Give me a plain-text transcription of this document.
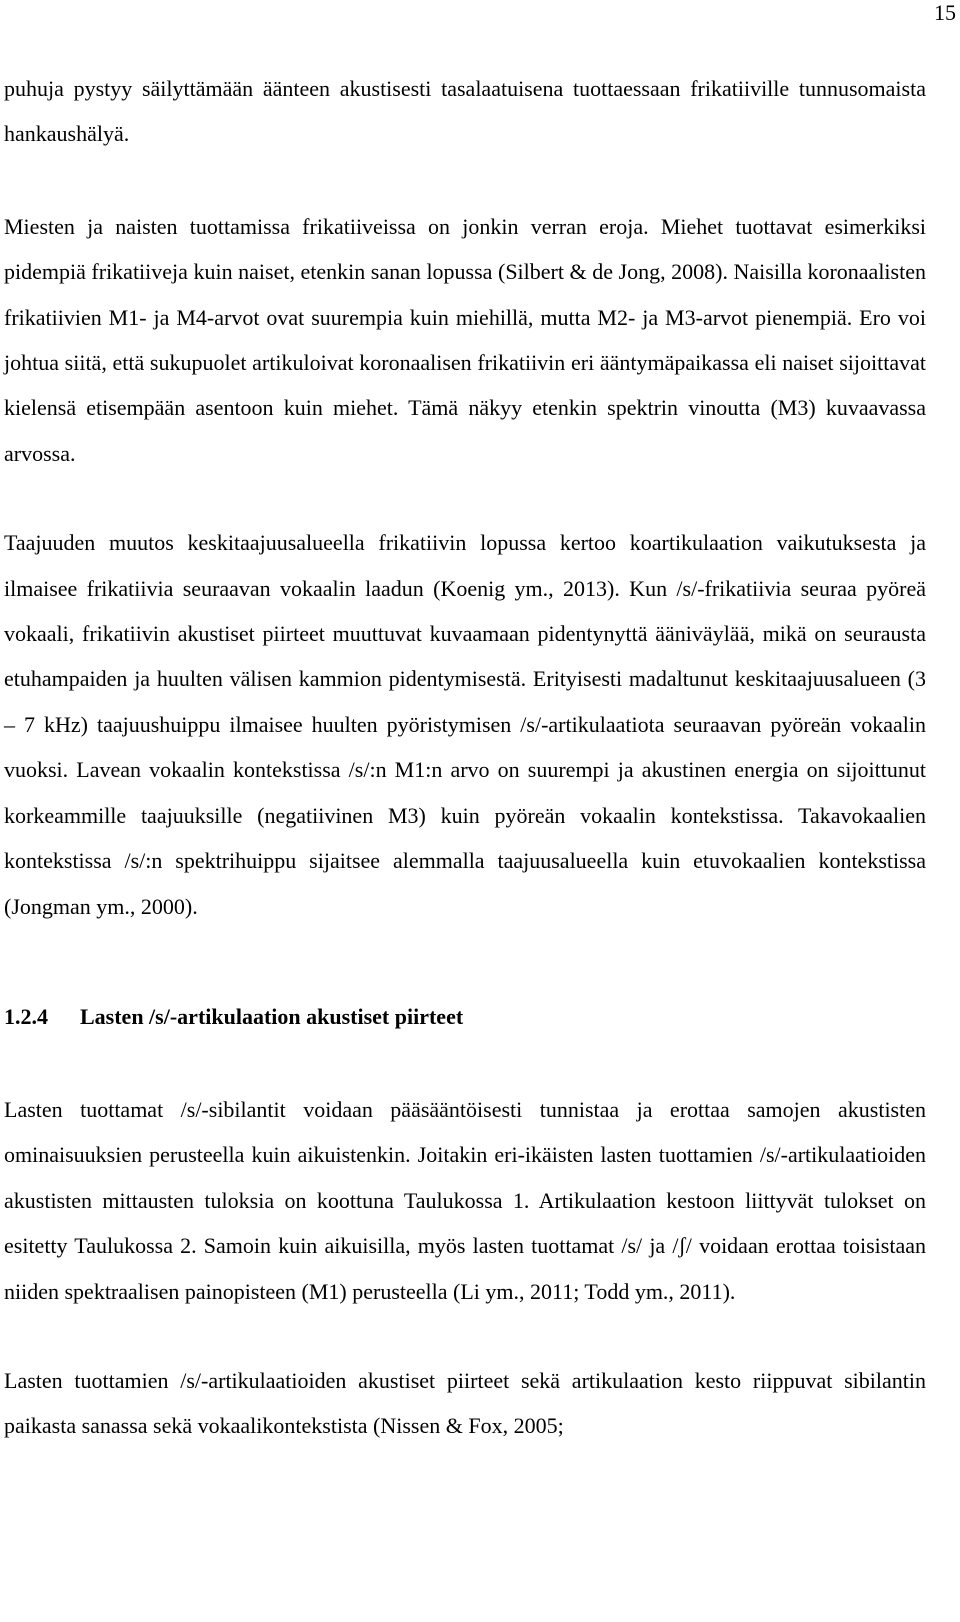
15

puhuja pystyy säilyttämään äänteen akustisesti tasalaatuisena tuottaessaan frikatiiville tunnusomaista hankaushälyä.

Miesten ja naisten tuottamissa frikatiiveissa on jonkin verran eroja. Miehet tuottavat esimerkiksi pidempiä frikatiiveja kuin naiset, etenkin sanan lopussa (Silbert & de Jong, 2008). Naisilla koronaalisten frikatiivien M1- ja M4-arvot ovat suurempia kuin miehillä, mutta M2- ja M3-arvot pienempiä. Ero voi johtua siitä, että sukupuolet artikuloivat koronaalisen frikatiivin eri ääntymäpaikassa eli naiset sijoittavat kielensä etisempään asentoon kuin miehet. Tämä näkyy etenkin spektrin vinoutta (M3) kuvaavassa arvossa.

Taajuuden muutos keskitaajuusalueella frikatiivin lopussa kertoo koartikulaation vaikutuksesta ja ilmaisee frikatiivia seuraavan vokaalin laadun (Koenig ym., 2013). Kun /s/-frikatiivia seuraa pyöreä vokaali, frikatiivin akustiset piirteet muuttuvat kuvaamaan pidentynyttä ääniväylää, mikä on seurausta etuhampaiden ja huulten välisen kammion pidentymisestä. Erityisesti madaltunut keskitaajuusalueen (3 – 7 kHz) taajuushuippu ilmaisee huulten pyöristymisen /s/-artikulaatiota seuraavan pyöreän vokaalin vuoksi. Lavean vokaalin kontekstissa /s/:n M1:n arvo on suurempi ja akustinen energia on sijoittunut korkeammille taajuuksille (negatiivinen M3) kuin pyöreän vokaalin kontekstissa. Takavokaalien kontekstissa /s/:n spektrihuippu sijaitsee alemmalla taajuusalueella kuin etuvokaalien kontekstissa (Jongman ym., 2000).

1.2.4 Lasten /s/-artikulaation akustiset piirteet

Lasten tuottamat /s/-sibilantit voidaan pääsääntöisesti tunnistaa ja erottaa samojen akustisten ominaisuuksien perusteella kuin aikuistenkin. Joitakin eri-ikäisten lasten tuottamien /s/-artikulaatioiden akustisten mittausten tuloksia on koottuna Taulukossa 1. Artikulaation kestoon liittyvät tulokset on esitetty Taulukossa 2. Samoin kuin aikuisilla, myös lasten tuottamat /s/ ja /ʃ/ voidaan erottaa toisistaan niiden spektraalisen painopisteen (M1) perusteella (Li ym., 2011; Todd ym., 2011).

Lasten tuottamien /s/-artikulaatioiden akustiset piirteet sekä artikulaation kesto riippuvat sibilantin paikasta sanassa sekä vokaalikontekstista (Nissen & Fox, 2005;
